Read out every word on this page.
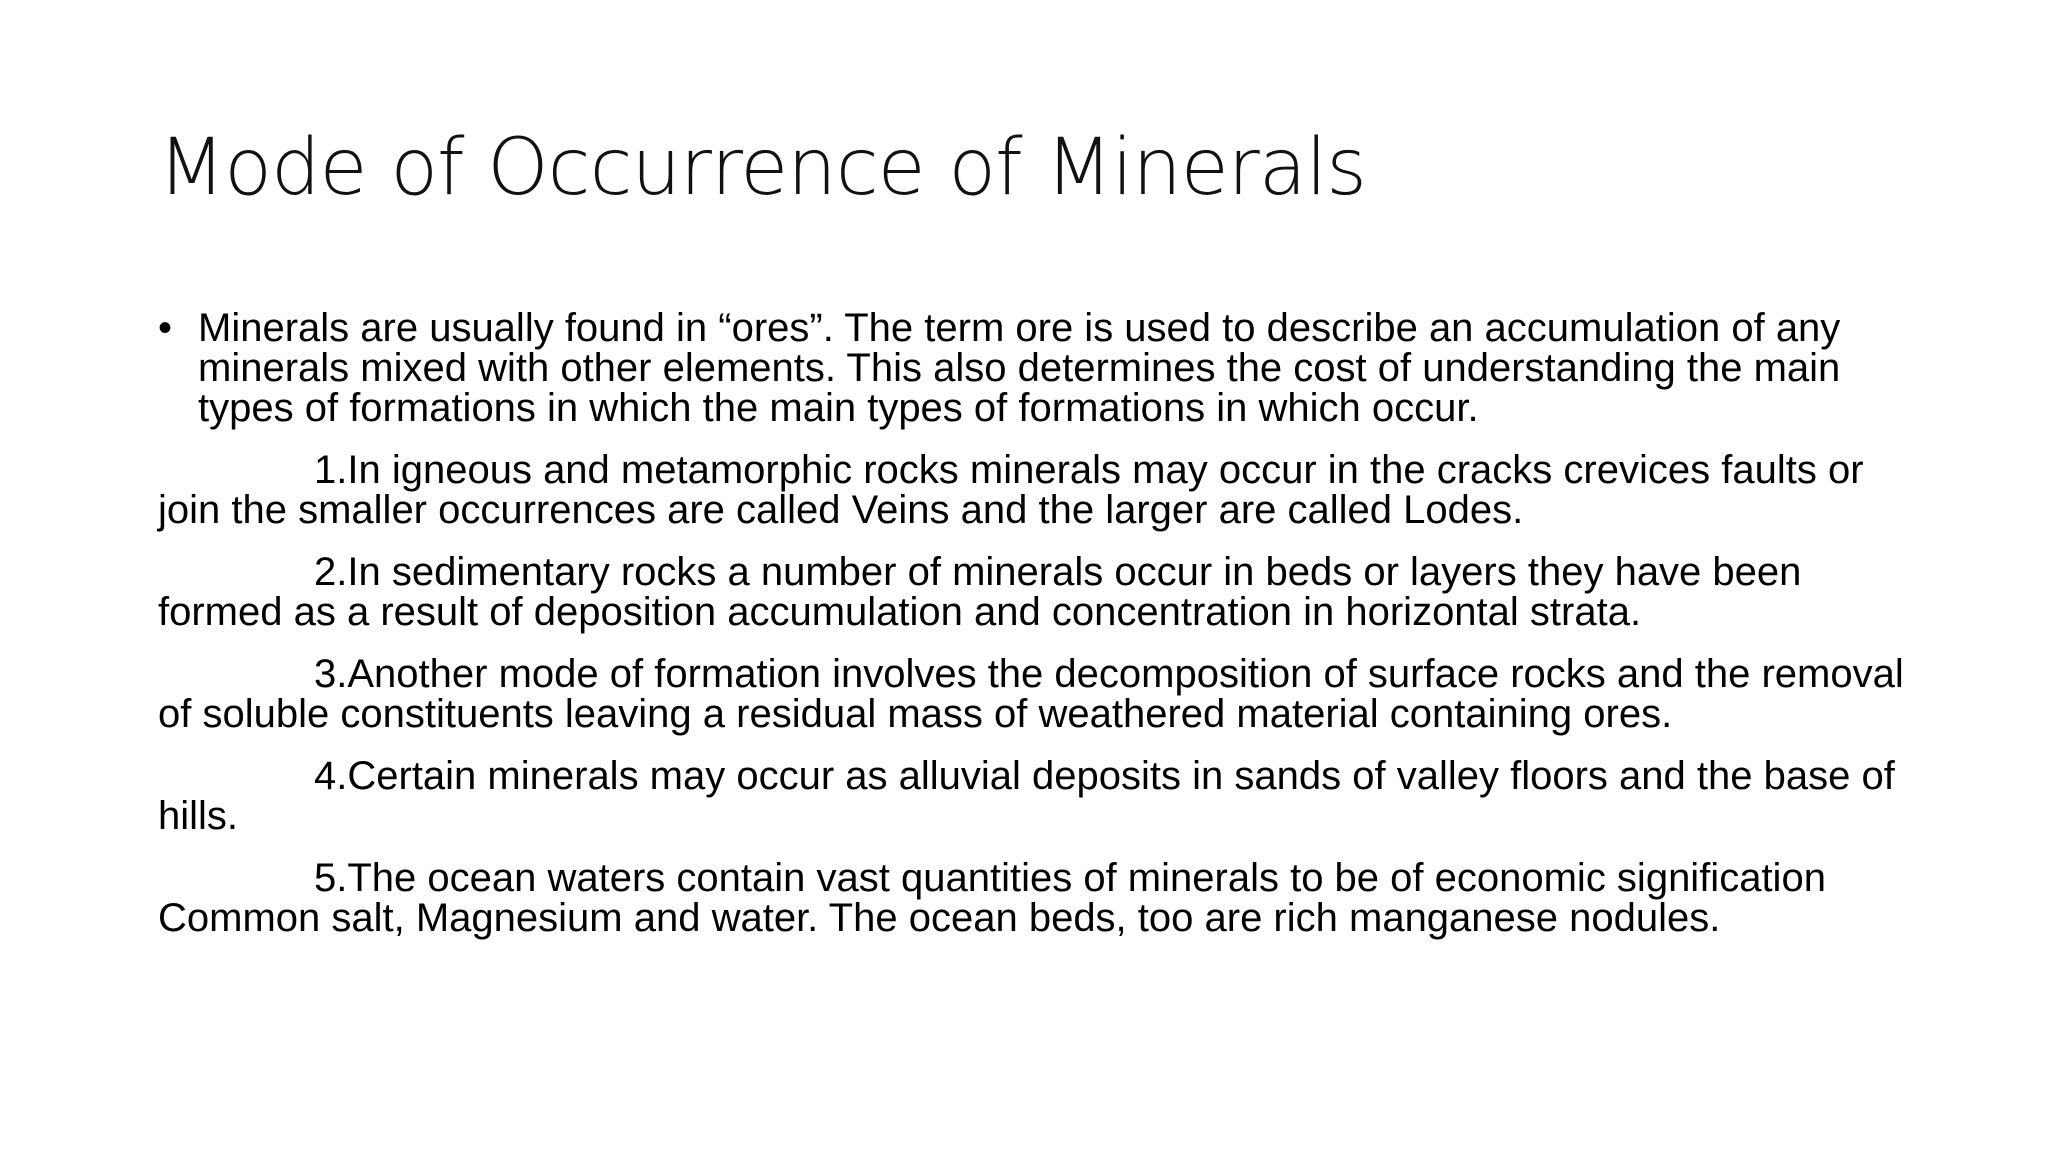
Mode of Occurrence of Minerals
• Minerals are usually found in “ores”. The term ore is used to describe an accumulation of any minerals mixed with other elements. This also determines the cost of understanding the main types of formations in which the main types of formations in which occur.
1.In igneous and metamorphic rocks minerals may occur in the cracks crevices faults or join the smaller occurrences are called Veins and the larger are called Lodes.
2.In sedimentary rocks a number of minerals occur in beds or layers they have been formed as a result of deposition accumulation and concentration in horizontal strata.
3.Another mode of formation involves the decomposition of surface rocks and the removal of soluble constituents leaving a residual mass of weathered material containing ores.
4.Certain minerals may occur as alluvial deposits in sands of valley floors and the base of hills.
5.The ocean waters contain vast quantities of minerals to be of economic signification Common salt, Magnesium and water. The ocean beds, too are rich manganese nodules.
